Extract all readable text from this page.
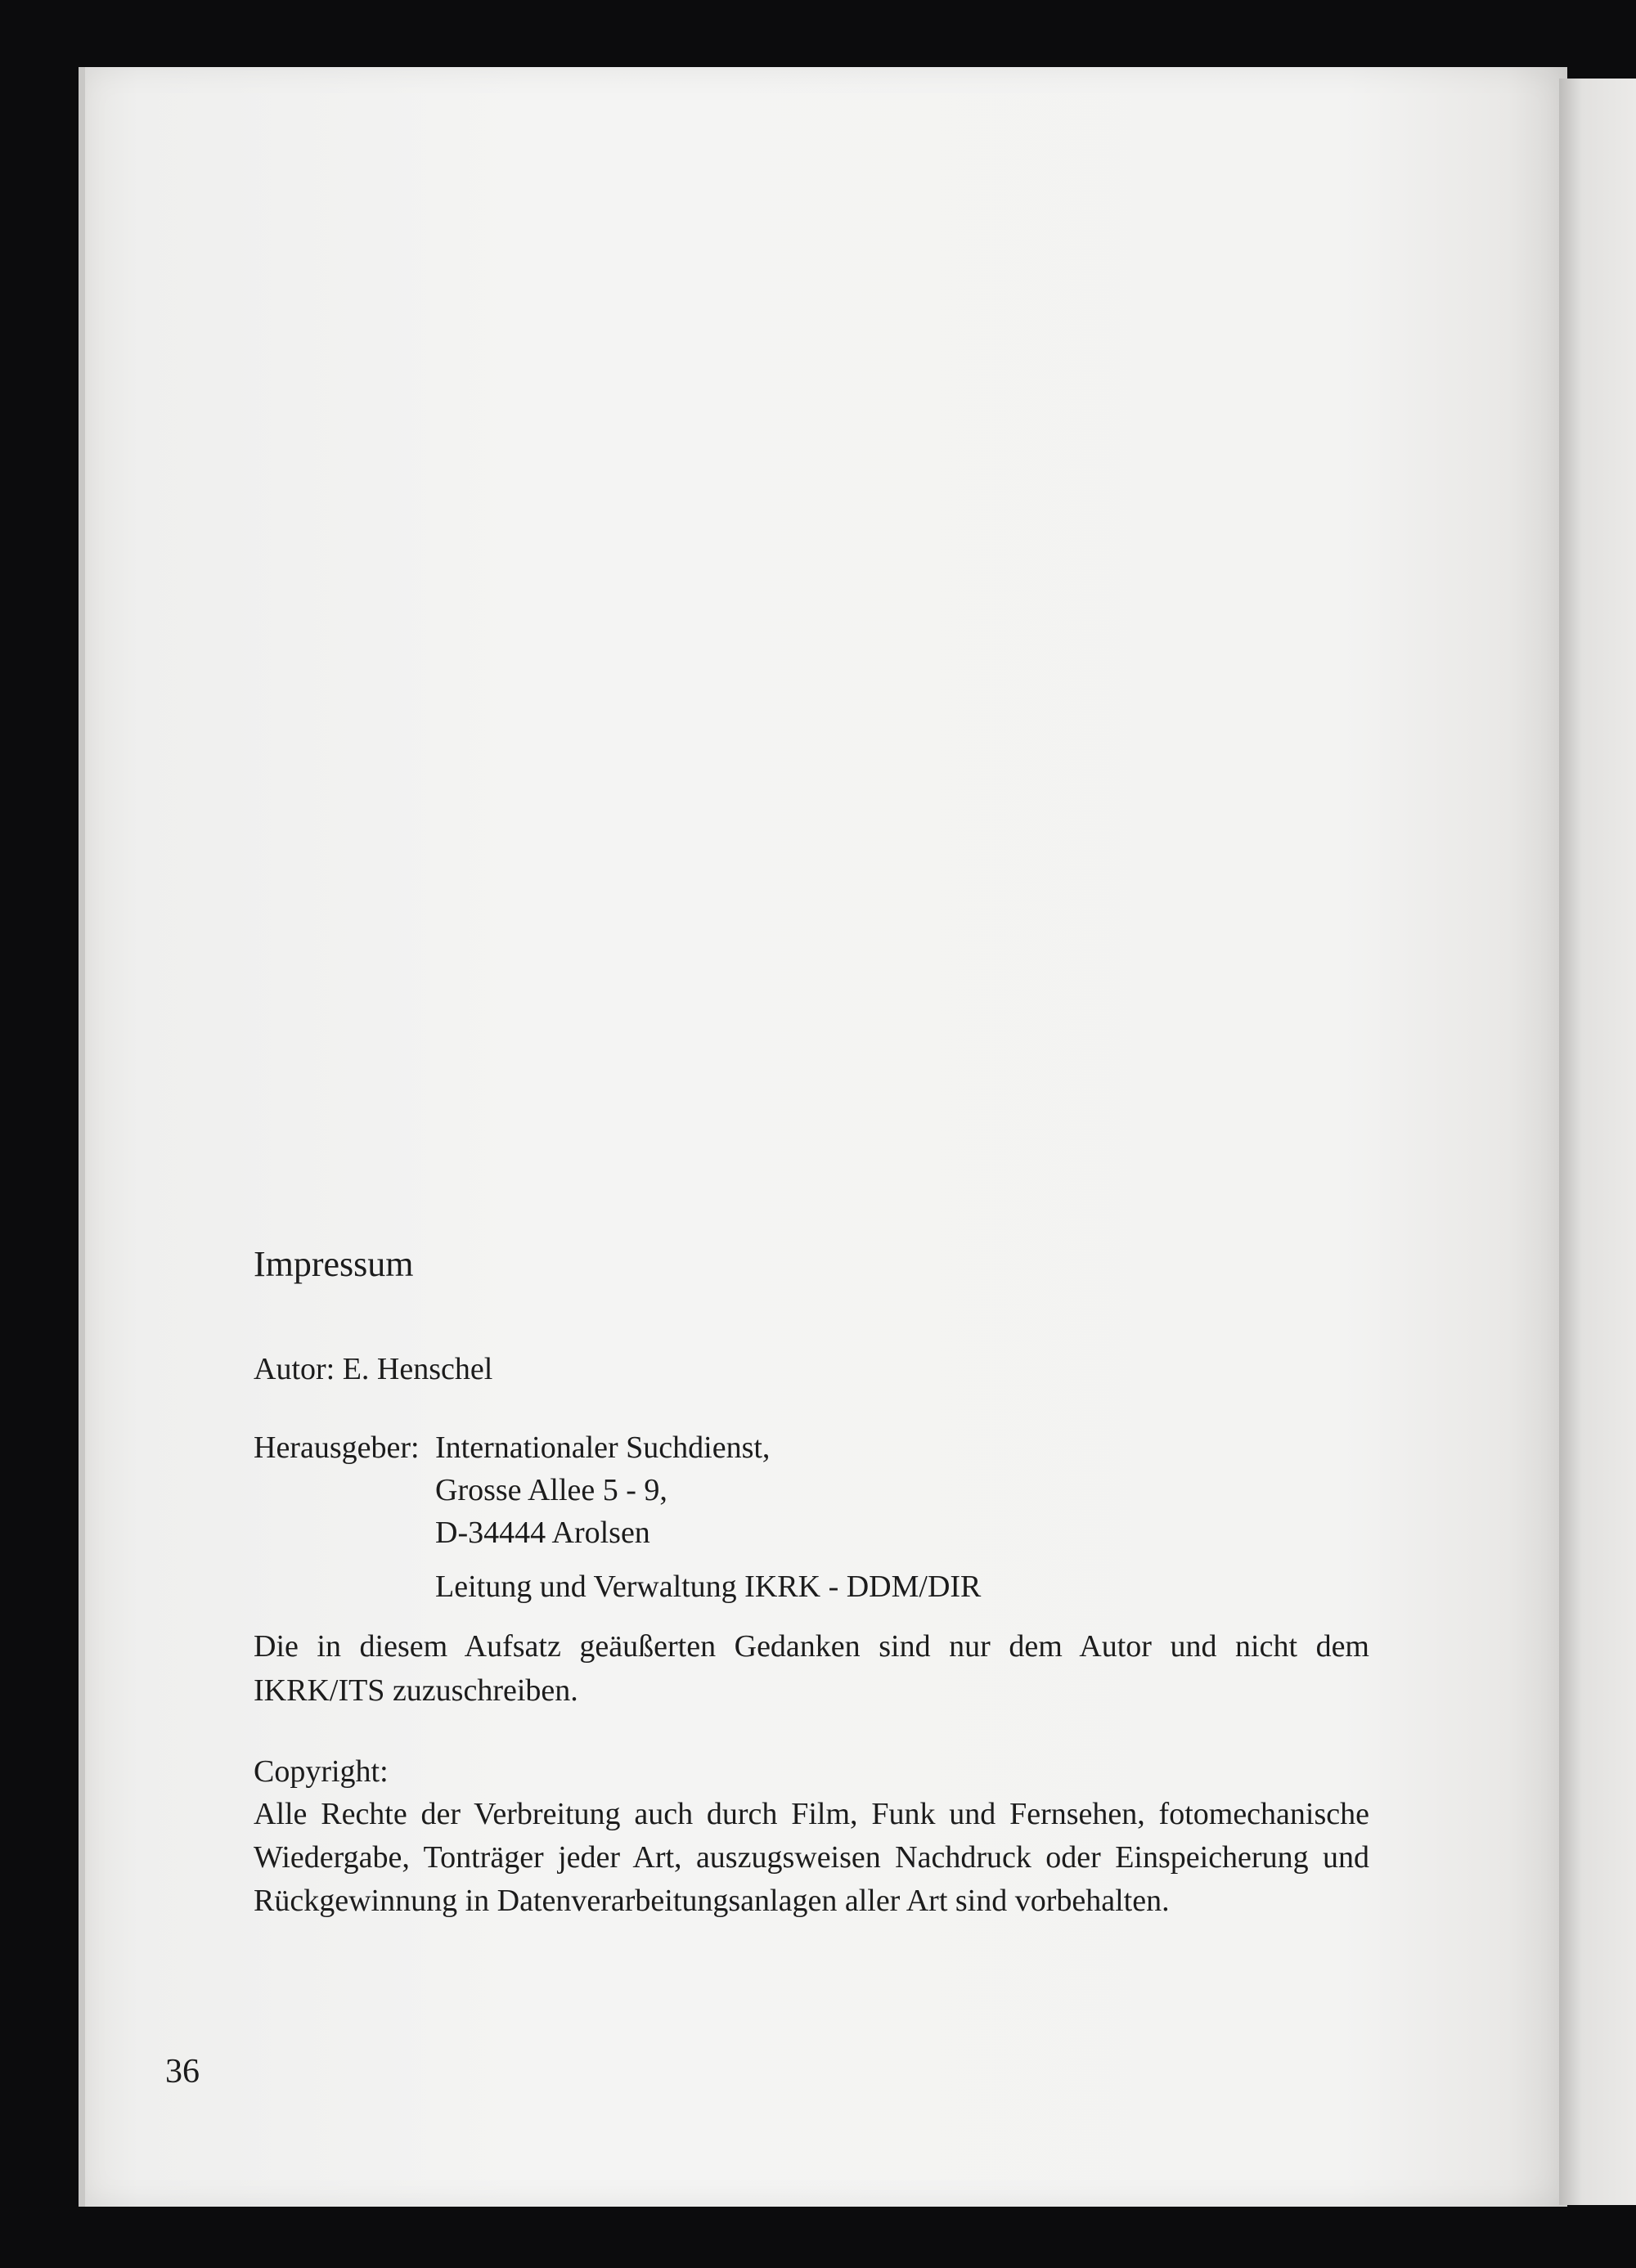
Impressum
Autor: E. Henschel
Herausgeber: Internationaler Suchdienst,
Grosse Allee 5 - 9,
D-34444 Arolsen
Leitung und Verwaltung IKRK - DDM/DIR
Die in diesem Aufsatz geäußerten Gedanken sind nur dem Autor und nicht dem IKRK/ITS zuzuschreiben.
Copyright:
Alle Rechte der Verbreitung auch durch Film, Funk und Fernsehen, fotomechanische Wiedergabe, Tonträger jeder Art, auszugsweisen Nachdruck oder Einspeicherung und Rückgewinnung in Datenverarbeitungsanlagen aller Art sind vorbehalten.
36
